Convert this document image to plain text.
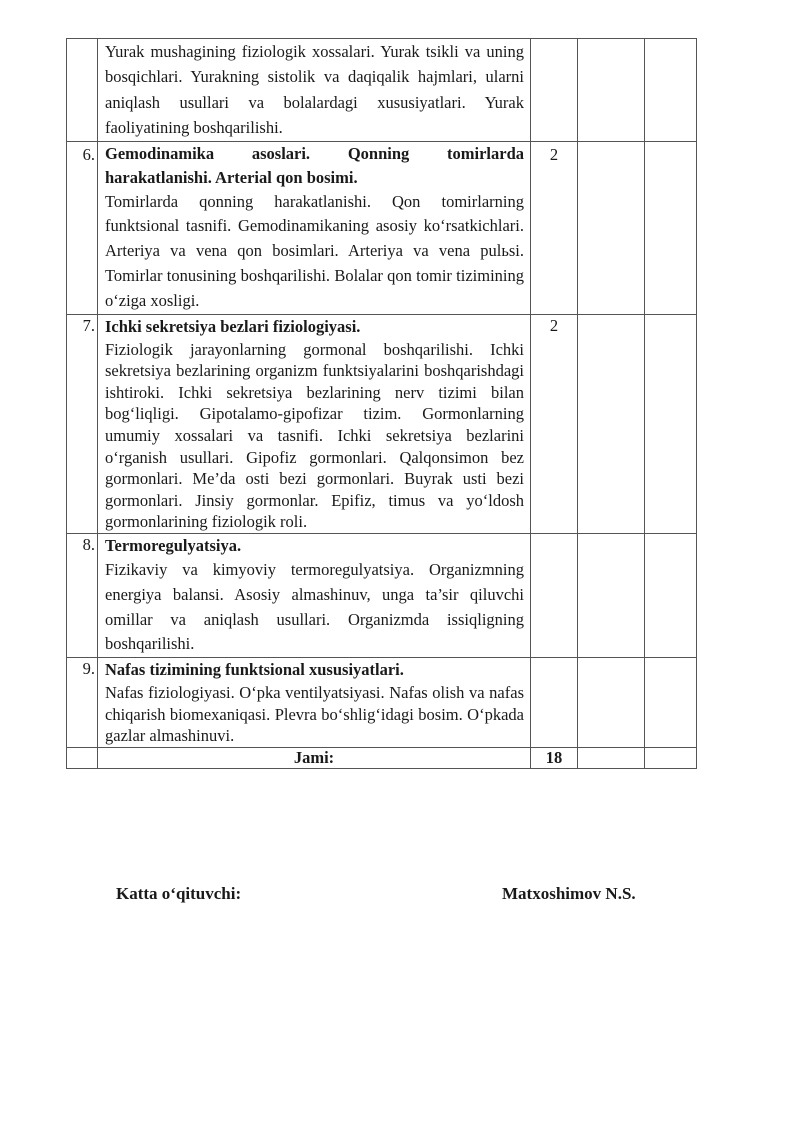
	Yurak mushagining fiziologik xossalari. Yurak tsikli va uning bosqichlari. Yurakning sistolik va daqiqalik hajmlari, ularni aniqlash usullari va bolalardagi xususiyatlari. Yurak faoliyatining boshqarilishi.			

6.	Gemodinamika asoslari. Qonning tomirlarda harakatlanishi. Arterial qon bosimi.
Tomirlarda qonning harakatlanishi. Qon tomirlarning funktsional tasnifi. Gemodinamikaning asosiy ko‘rsatkichlari. Arteriya va vena qon bosimlari. Arteriya va vena pulьsi. Tomirlar tonusining boshqarilishi. Bolalar qon tomir tizimining o‘ziga xosligi.	2		
7.	Ichki sekretsiya bezlari fiziologiyasi.
Fiziologik jarayonlarning gormonal boshqarilishi. Ichki sekretsiya bezlarining organizm funktsiyalarini boshqarishdagi ishtiroki. Ichki sekretsiya bezlarining nerv tizimi bilan bog‘liqligi. Gipotalamo-gipofizar tizim. Gormonlarning umumiy xossalari va tasnifi. Ichki sekretsiya bezlarini o‘rganish usullari. Gipofiz gormonlari. Qalqonsimon bez gormonlari. Me’da osti bezi gormonlari. Buyrak usti bezi gormonlari. Jinsiy gormonlar. Epifiz, timus va yo‘ldosh gormonlarining fiziologik roli.	2		
8.	Termoregulyatsiya.
Fizikaviy va kimyoviy termoregulyatsiya. Organizmning energiya balansi. Asosiy almashinuv, unga ta’sir qiluvchi omillar va aniqlash usullari. Organizmda issiqligning boshqarilishi.			

9.	Nafas tizimining funktsional xususiyatlari.
Nafas fiziologiyasi. O‘pka ventilyatsiyasi. Nafas olish va nafas chiqarish biomexaniqasi. Plevra bo‘shlig‘idagi bosim. O‘pkada gazlar almashinuvi.			

	Jami:	18		
Katta o‘qituvchi:	Matxoshimov N.S.
